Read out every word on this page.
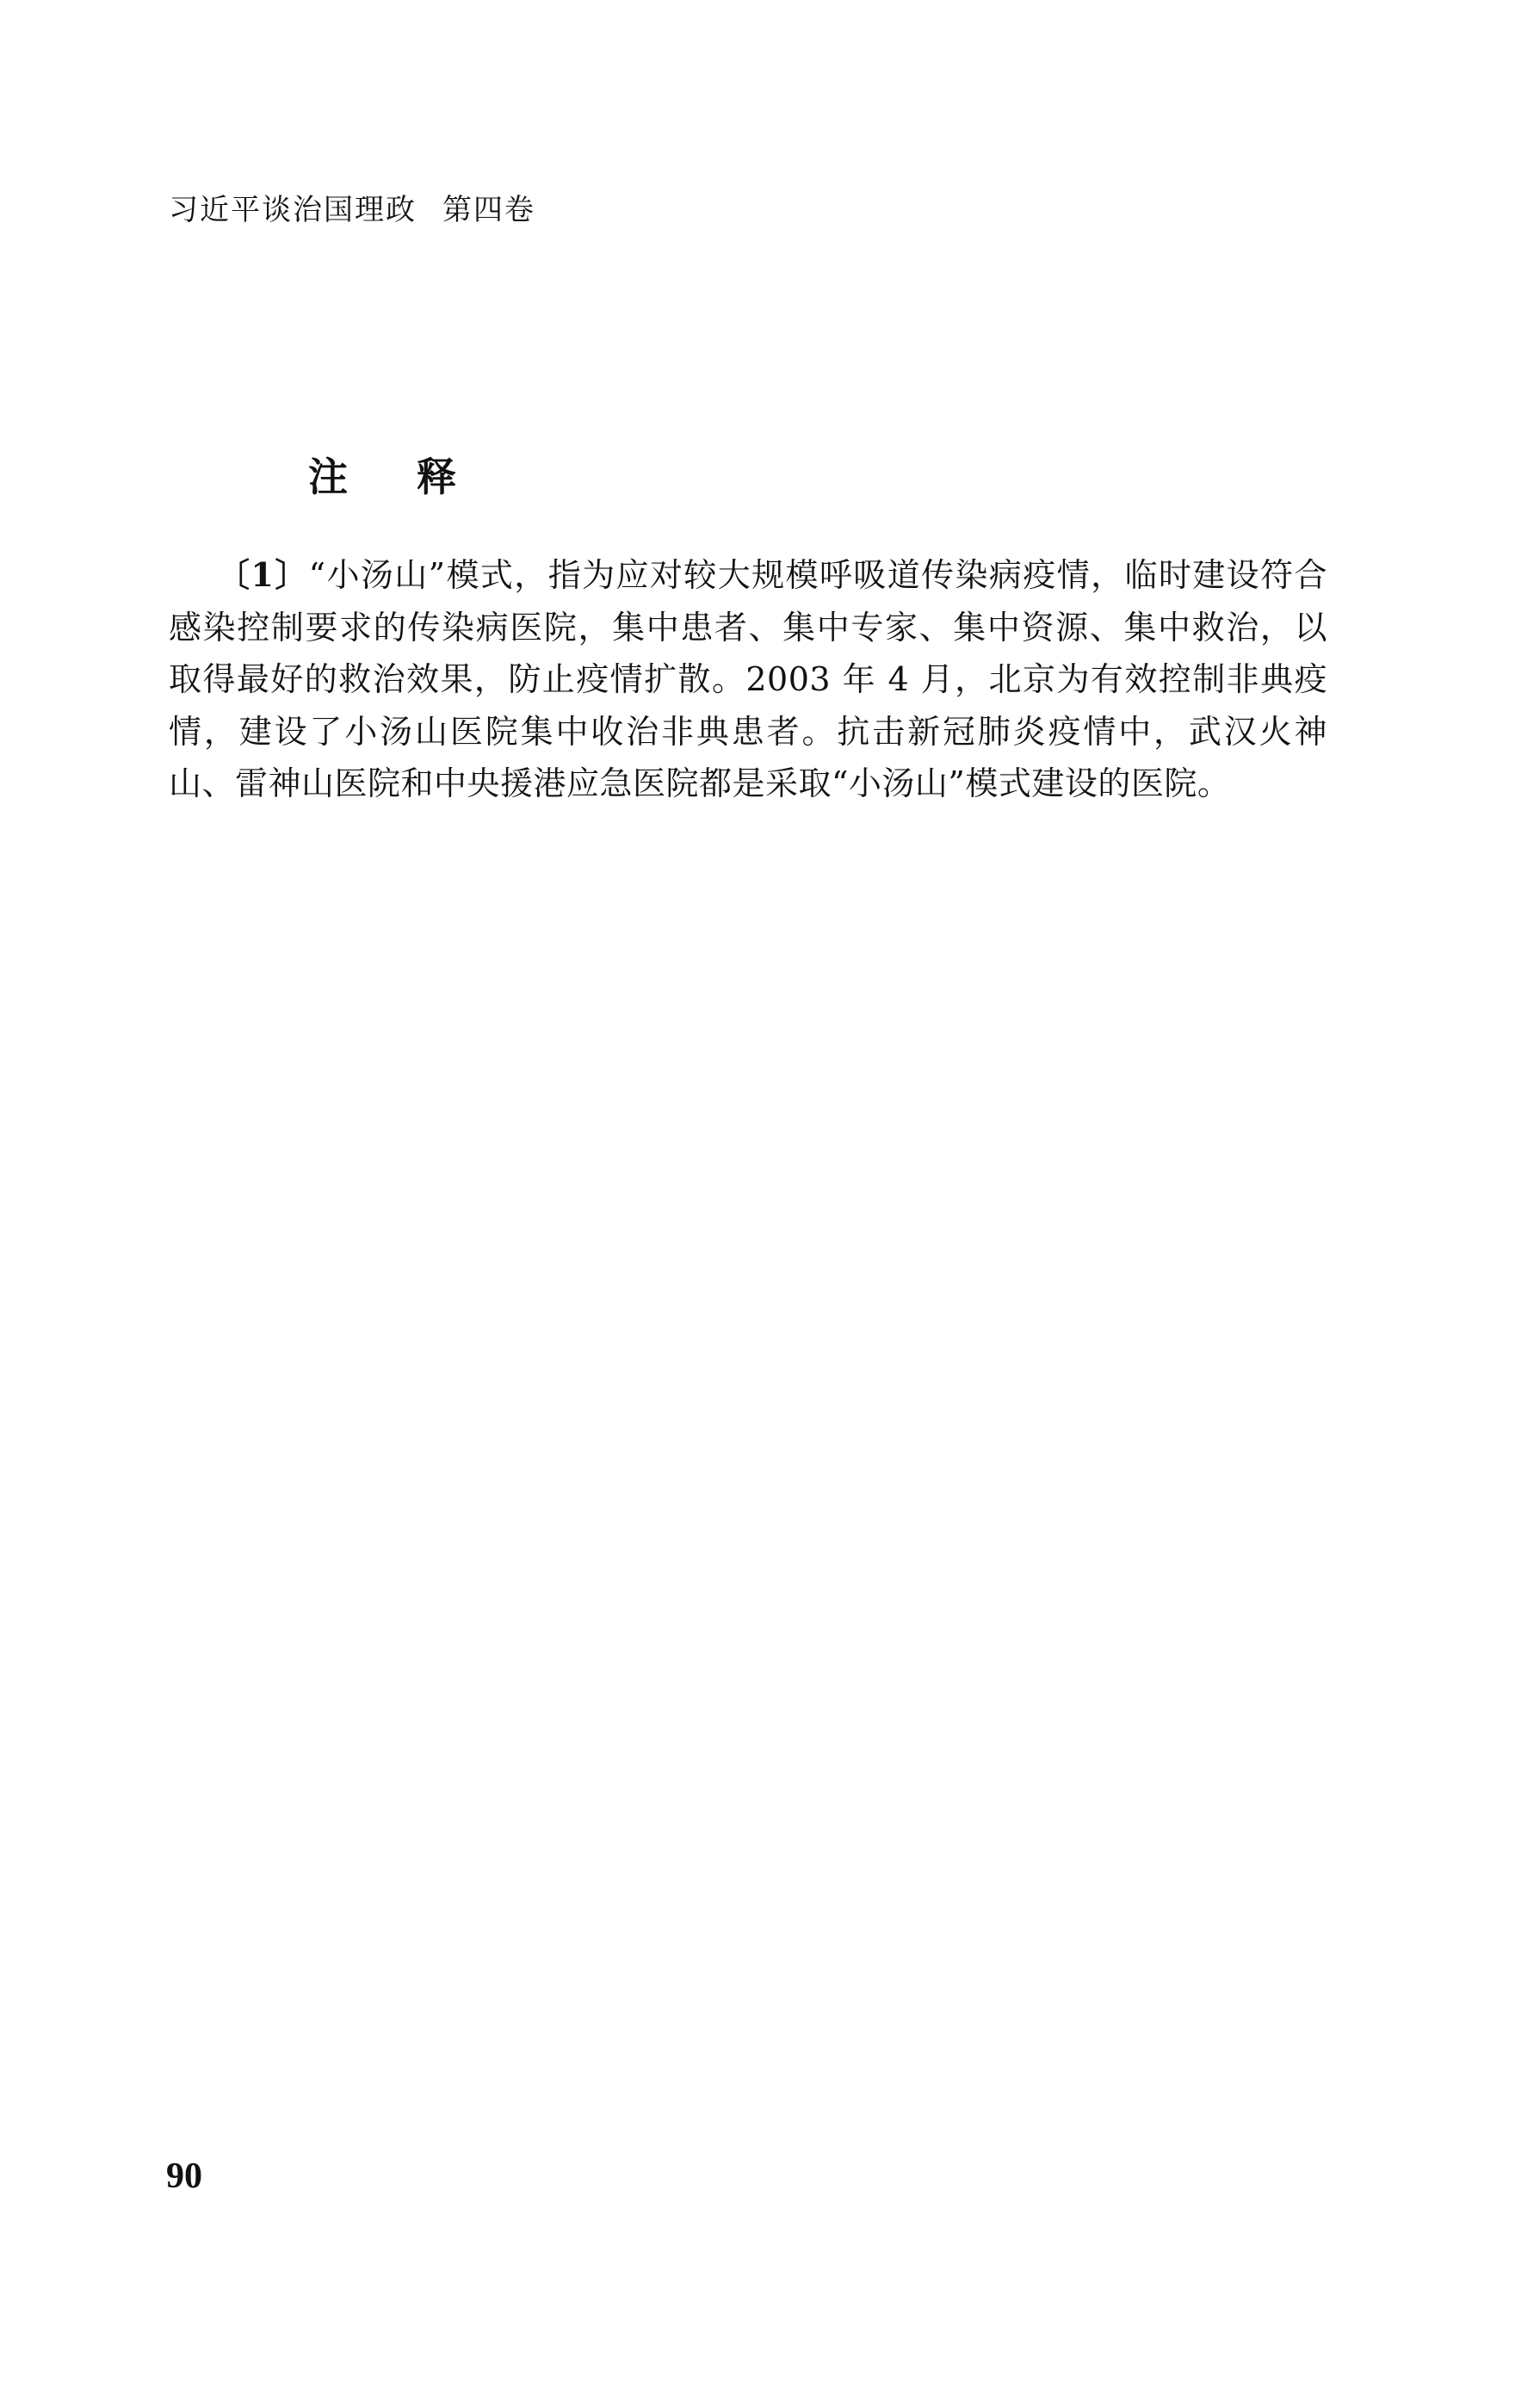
习近平谈治国理政 第四卷
注 释
〔1〕“小汤山”模式，指为应对较大规模呼吸道传染病疫情，临时建设符合感染控制要求的传染病医院，集中患者、集中专家、集中资源、集中救治，以取得最好的救治效果，防止疫情扩散。2003 年 4 月，北京为有效控制非典疫情，建设了小汤山医院集中收治非典患者。抗击新冠肺炎疫情中，武汉火神山、雷神山医院和中央援港应急医院都是采取“小汤山”模式建设的医院。
90
